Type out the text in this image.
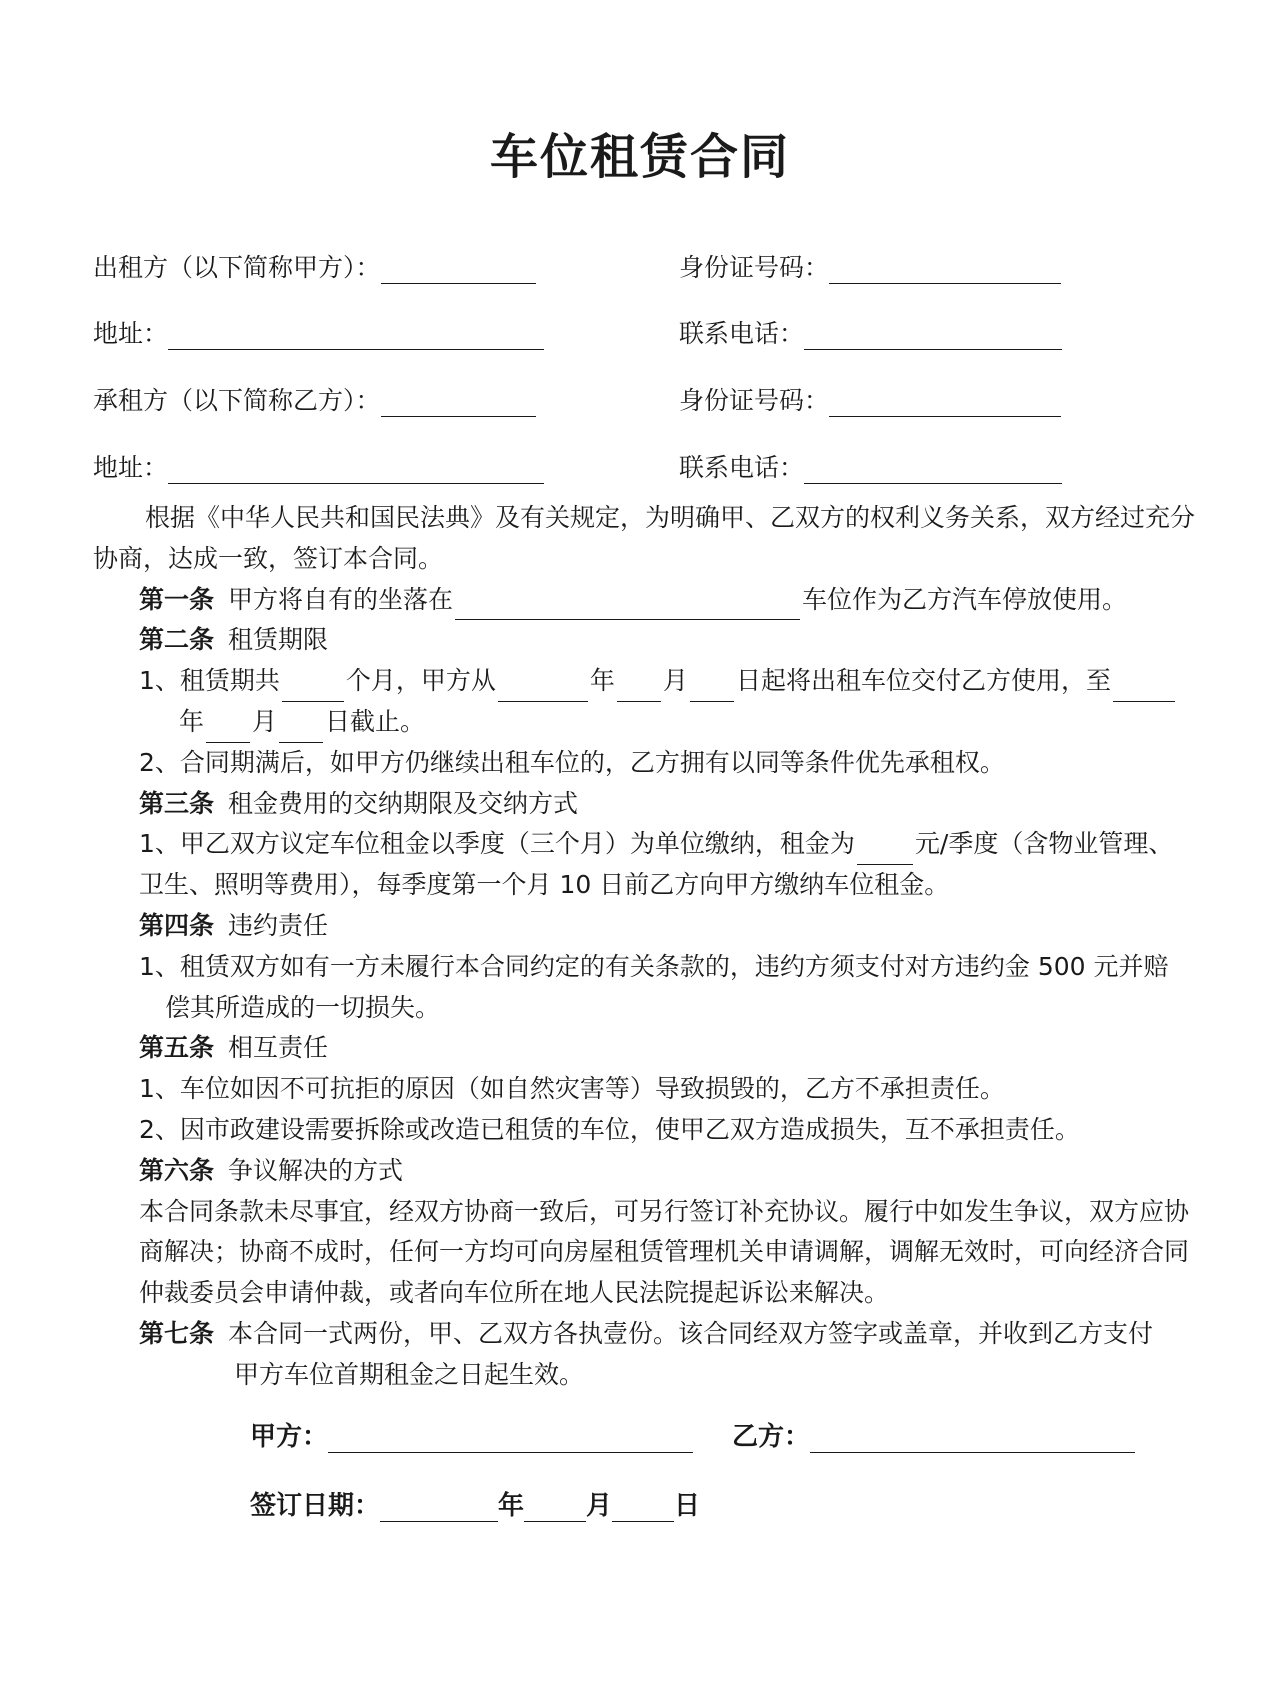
车位租赁合同
出租方（以下简称甲方）：	身份证号码：
地址：	联系电话：
承租方（以下简称乙方）：	身份证号码：
地址：	联系电话：

根据《中华人民共和国民法典》及有关规定，为明确甲、乙双方的权利义务关系，双方经过充分协商，达成一致，签订本合同。

第一条 甲方将自有的坐落在	车位作为乙方汽车停放使用。

第二条 租赁期限

1、租赁期共	个月，甲方从	年 月 日起将出租车位交付乙方使用，至

年 月 日截止。

2、合同期满后，如甲方仍继续出租车位的，乙方拥有以同等条件优先承租权。

第三条 租金费用的交纳期限及交纳方式

1、甲乙双方议定车位租金以季度（三个月）为单位缴纳，租金为 元/季度（含物业管理、卫生、照明等费用），每季度第一个月 10 日前乙方向甲方缴纳车位租金。

第四条 违约责任

1、租赁双方如有一方未履行本合同约定的有关条款的，违约方须支付对方违约金 500 元并赔

偿其所造成的一切损失。

第五条 相互责任

1、车位如因不可抗拒的原因（如自然灾害等）导致损毁的，乙方不承担责任。

2、因市政建设需要拆除或改造已租赁的车位，使甲乙双方造成损失，互不承担责任。

第六条 争议解决的方式

本合同条款未尽事宜，经双方协商一致后，可另行签订补充协议。履行中如发生争议，双方应协商解决；协商不成时，任何一方均可向房屋租赁管理机关申请调解，调解无效时，可向经济合同仲裁委员会申请仲裁，或者向车位所在地人民法院提起诉讼来解决。

第七条 本合同一式两份，甲、乙双方各执壹份。该合同经双方签字或盖章，并收到乙方支付

甲方车位首期租金之日起生效。

甲方：	乙方：
签订日期：	年 月 日
